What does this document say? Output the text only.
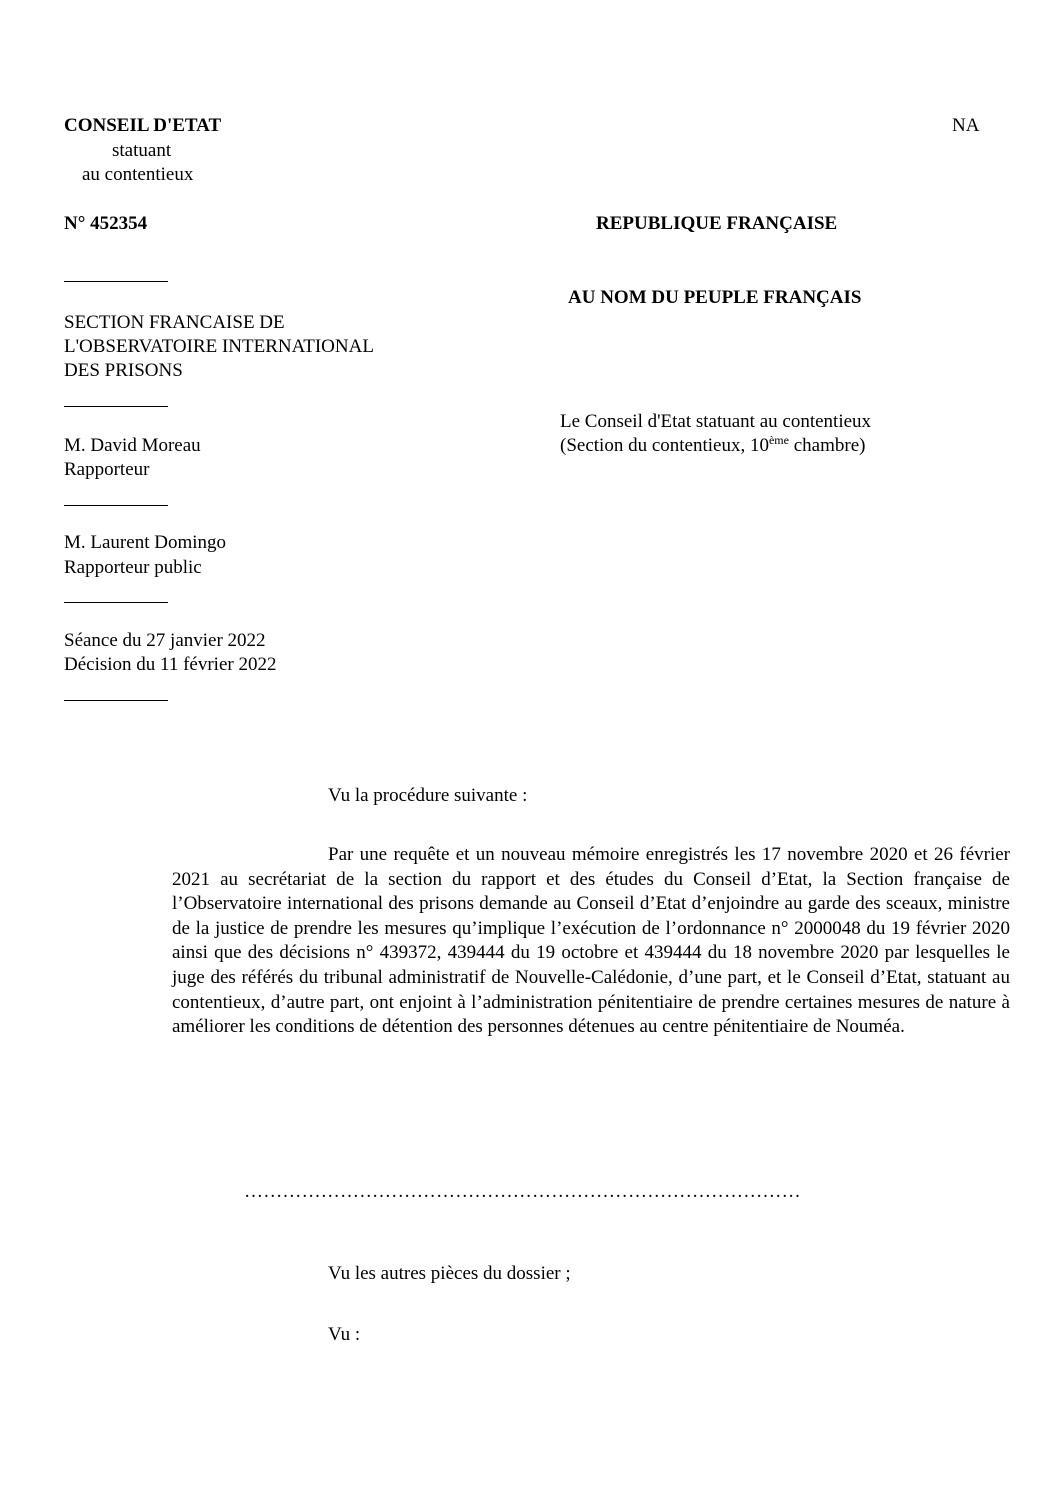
CONSEIL D'ETAT
statuant
au contentieux
NA
N° 452354	REPUBLIQUE FRANÇAISE
AU NOM DU PEUPLE FRANÇAIS
SECTION FRANCAISE DE
L'OBSERVATOIRE INTERNATIONAL
DES PRISONS
Le Conseil d'Etat statuant au contentieux
(Section du contentieux, 10ème chambre)
M. David Moreau
Rapporteur
M. Laurent Domingo
Rapporteur public
Séance du 27 janvier 2022
Décision du 11 février 2022
Vu la procédure suivante :
Par une requête et un nouveau mémoire enregistrés les 17 novembre 2020 et 26 février 2021 au secrétariat de la section du rapport et des études du Conseil d’Etat, la Section française de l’Observatoire international des prisons demande au Conseil d’Etat d’enjoindre au garde des sceaux, ministre de la justice de prendre les mesures qu’implique l’exécution de l’ordonnance n° 2000048 du 19 février 2020 ainsi que des décisions n° 439372, 439444 du 19 octobre et 439444 du 18 novembre 2020 par lesquelles le juge des référés du tribunal administratif de Nouvelle-Calédonie, d’une part, et le Conseil d’Etat, statuant au contentieux, d’autre part, ont enjoint à l’administration pénitentiaire de prendre certaines mesures de nature à améliorer les conditions de détention des personnes détenues au centre pénitentiaire de Nouméa.
……………………………………………………………………………
Vu les autres pièces du dossier ;
Vu :
